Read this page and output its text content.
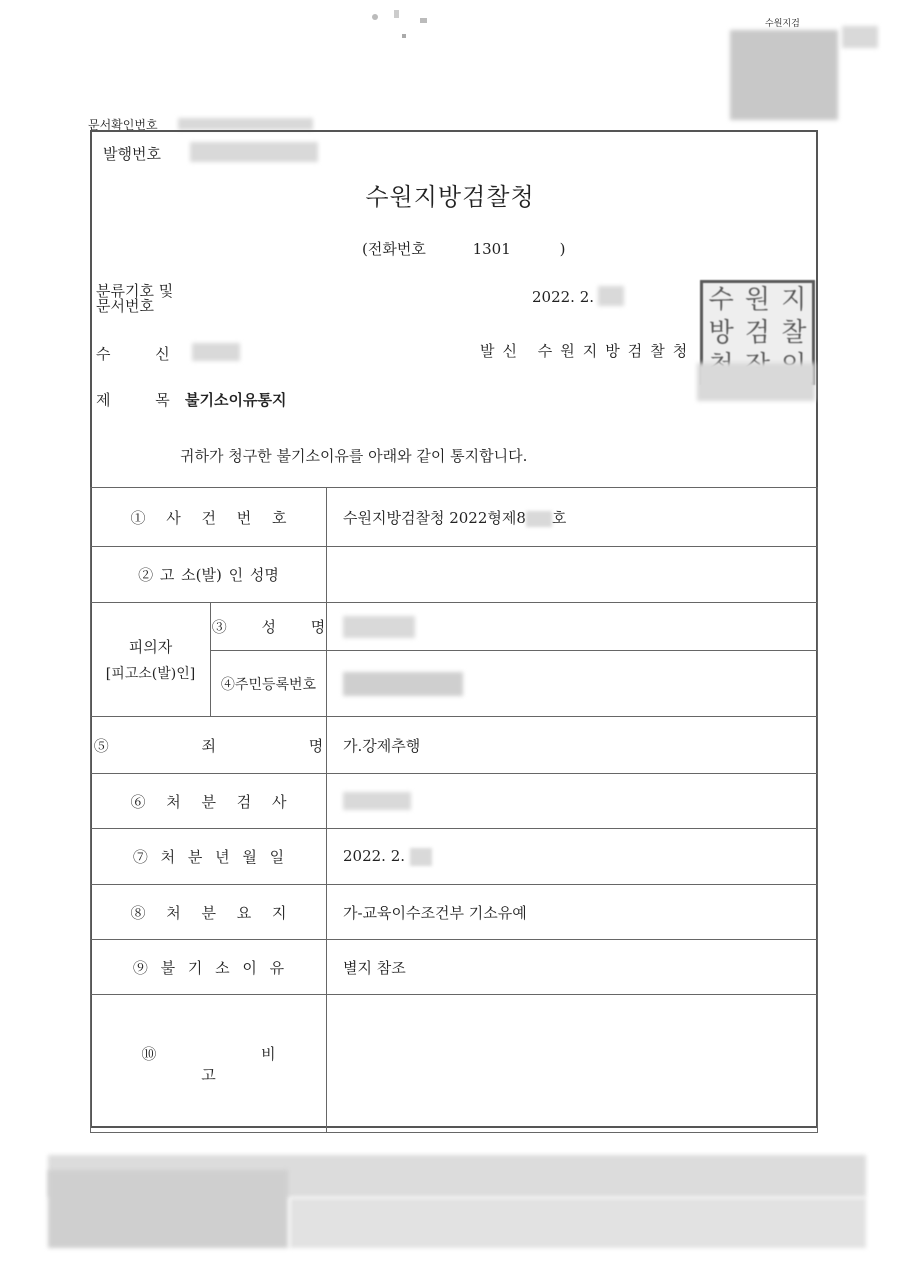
수원지검
문서확인번호
발행번호
수원지방검찰청
(전화번호	1301	)
분류기호 및
문서번호	2022. 2.
수 신	발신 수원지방검찰청
수 원 지
방 검 찰
제 목 불기소이유통지
귀하가 청구한 불기소이유를 아래와 같이 통지합니다.
① 사 건 번 호		수원지방검찰청 2022형제8 호
② 고 소(발) 인 성명		

피의자
[피고소(발)인]	③ 성 명	

	④주민등록번호	

⑤ 죄 명		가.강제추행
⑥ 처 분 검 사		

⑦ 처 분 년 월 일		2022. 2.
⑧ 처 분 요 지		가-교육이수조건부 기소유예
⑨ 불 기 소 이 유		별지 참조
⑩ 비 고		
